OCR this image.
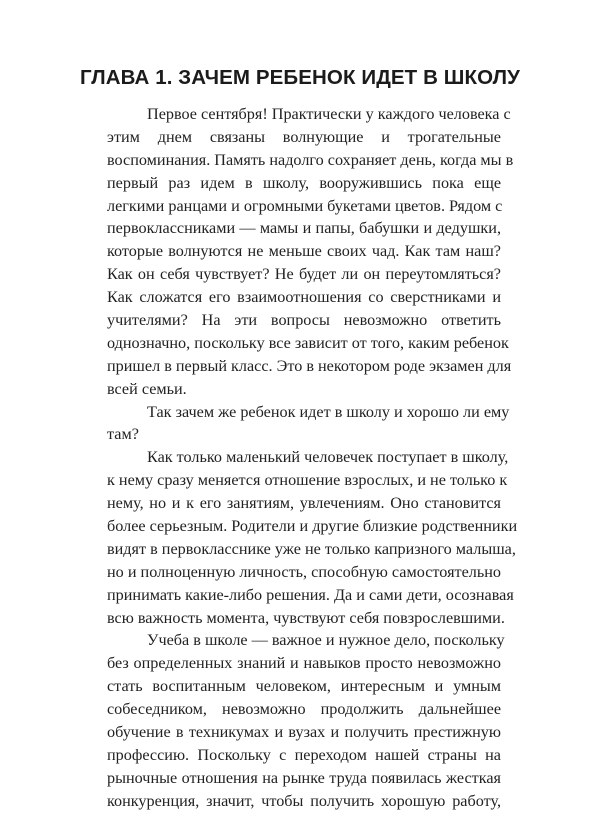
ГЛАВА 1. ЗАЧЕМ РЕБЕНОК ИДЕТ В ШКОЛУ
Первое сентября! Практически у каждого человека с
этим днем связаны волнующие и трогательные
воспоминания. Память надолго сохраняет день, когда мы в
первый раз идем в школу, вооружившись пока еще
легкими ранцами и огромными букетами цветов. Рядом с
первоклассниками — мамы и папы, бабушки и дедушки,
которые волнуются не меньше своих чад. Как там наш?
Как он себя чувствует? Не будет ли он переутомляться?
Как сложатся его взаимоотношения со сверстниками и
учителями? На эти вопросы невозможно ответить
однозначно, поскольку все зависит от того, каким ребенок
пришел в первый класс. Это в некотором роде экзамен для
всей семьи.
Так зачем же ребенок идет в школу и хорошо ли ему
там?
Как только маленький человечек поступает в школу,
к нему сразу меняется отношение взрослых, и не только к
нему, но и к его занятиям, увлечениям. Оно становится
более серьезным. Родители и другие близкие родственники
видят в первокласснике уже не только капризного малыша,
но и полноценную личность, способную самостоятельно
принимать какие-либо решения. Да и сами дети, осознавая
всю важность момента, чувствуют себя повзрослевшими.
Учеба в школе — важное и нужное дело, поскольку
без определенных знаний и навыков просто невозможно
стать воспитанным человеком, интересным и умным
собеседником, невозможно продолжить дальнейшее
обучение в техникумах и вузах и получить престижную
профессию. Поскольку с переходом нашей страны на
рыночные отношения на рынке труда появилась жесткая
конкуренция, значит, чтобы получить хорошую работу,
